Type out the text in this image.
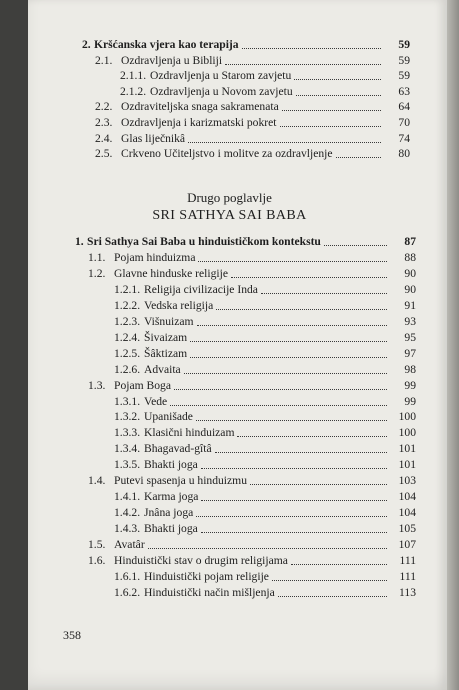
2. Kršćanska vjera kao terapija	59
2.1. Ozdravljenja u Bibliji	59
2.1.1. Ozdravljenja u Starom zavjetu	59
2.1.2. Ozdravljenja u Novom zavjetu	63
2.2. Ozdraviteljska snaga sakramenata	64
2.3. Ozdravljenja i karizmatski pokret	70
2.4. Glas liječnikâ	74
2.5. Crkveno Učiteljstvo i molitve za ozdravljenje	80
Drugo poglavlje
SRI SATHYA SAI BABA
1. Sri Sathya Sai Baba u hinduističkom kontekstu	87
1.1. Pojam hinduizma	88
1.2. Glavne hinduske religije	90
1.2.1. Religija civilizacije Inda	90
1.2.2. Vedska religija	91
1.2.3. Višnuizam	93
1.2.4. Šivaizam	95
1.2.5. Šâktizam	97
1.2.6. Advaita	98
1.3. Pojam Boga	99
1.3.1. Vede	99
1.3.2. Upanišade	100
1.3.3. Klasični hinduizam	100
1.3.4. Bhagavad-gîtâ	101
1.3.5. Bhakti joga	101
1.4. Putevi spasenja u hinduizmu	103
1.4.1. Karma joga	104
1.4.2. Jnâna joga	104
1.4.3. Bhakti joga	105
1.5. Avatâr	107
1.6. Hinduistički stav o drugim religijama	111
1.6.1. Hinduistički pojam religije	111
1.6.2. Hinduistički način mišljenja	113
358
